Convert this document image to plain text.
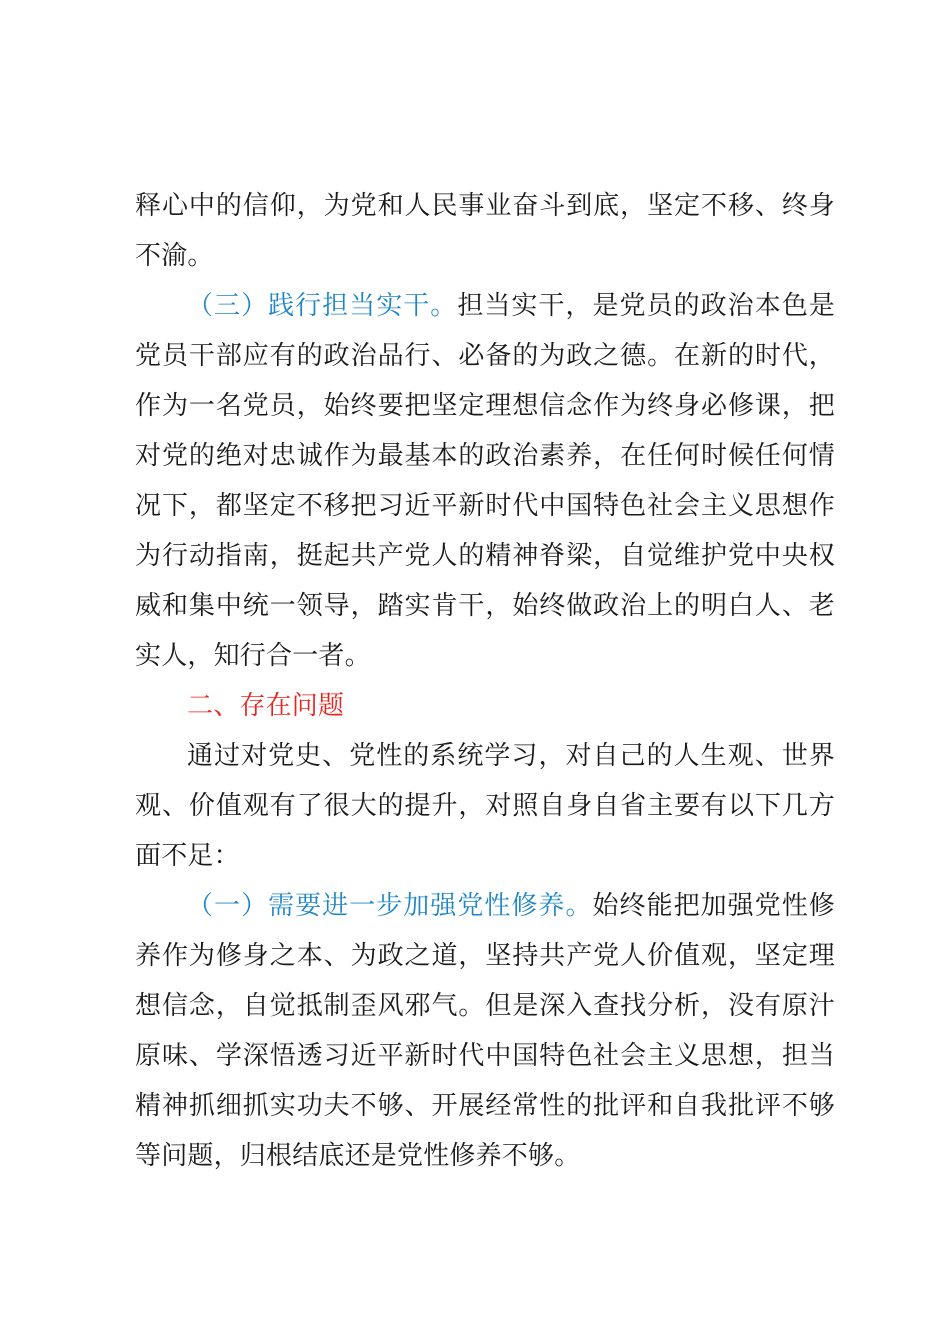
释心中的信仰，为党和人民事业奋斗到底，坚定不移、终身不渝。

（三）践行担当实干。担当实干，是党员的政治本色是党员干部应有的政治品行、必备的为政之德。在新的时代，作为一名党员，始终要把坚定理想信念作为终身必修课，把对党的绝对忠诚作为最基本的政治素养，在任何时候任何情况下，都坚定不移把习近平新时代中国特色社会主义思想作为行动指南，挺起共产党人的精神脊梁，自觉维护党中央权威和集中统一领导，踏实肯干，始终做政治上的明白人、老实人，知行合一者。

二、存在问题

通过对党史、党性的系统学习，对自己的人生观、世界观、价值观有了很大的提升，对照自身自省主要有以下几方面不足：

（一）需要进一步加强党性修养。始终能把加强党性修养作为修身之本、为政之道，坚持共产党人价值观，坚定理想信念，自觉抵制歪风邪气。但是深入查找分析，没有原汁原味、学深悟透习近平新时代中国特色社会主义思想，担当精神抓细抓实功夫不够、开展经常性的批评和自我批评不够等问题，归根结底还是党性修养不够。
